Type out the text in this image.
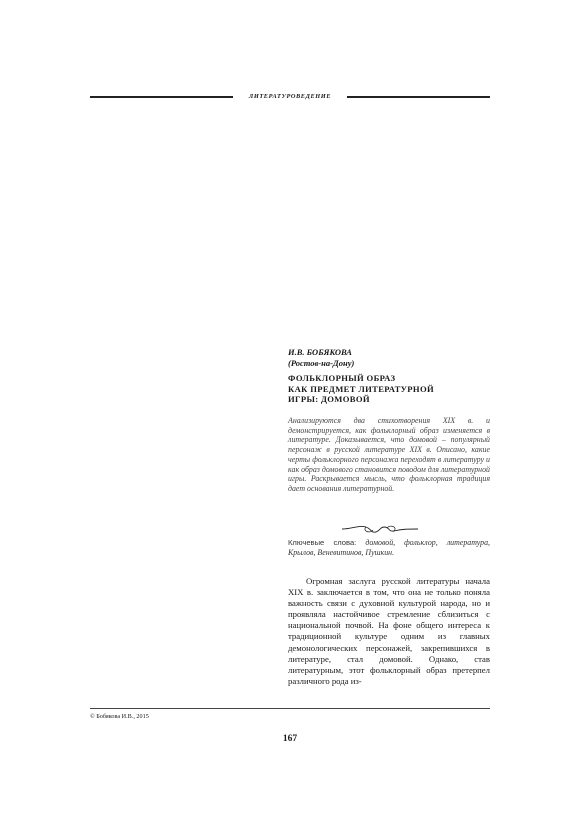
ЛИТЕРАТУРОВЕДЕНИЕ
И.В. БОБЯКОВА
(Ростов-на-Дону)
ФОЛЬКЛОРНЫЙ ОБРАЗ
КАК ПРЕДМЕТ ЛИТЕРАТУРНОЙ
ИГРЫ: ДОМОВОЙ

Анализируются два стихотворения XIX в. и демонстрируется, как фольклорный образ изменяется в литературе. Доказывается, что домовой – популярный персонаж в русской литературе XIX в. Описано, какие черты фольклорного персонажа переходят в литературу и как образ домового становится поводом для литературной игры. Раскрывается мысль, что фольклорная традиция дает основания литературной.

Ключевые слова: домовой, фольклор, литература, Крылов, Веневитинов, Пушкин.

Огромная заслуга русской литературы начала XIX в. заключается в том, что она не только поняла важность связи с духовной культурой народа, но и проявляла настойчивое стремление сблизиться с национальной почвой. На фоне общего интереса к традиционной культуре одним из главных демонологических персонажей, закрепившихся в литературе, стал домовой. Однако, став литературным, этот фольклорный образ претерпел различного рода из-

© Бобякова И.В., 2015
167
